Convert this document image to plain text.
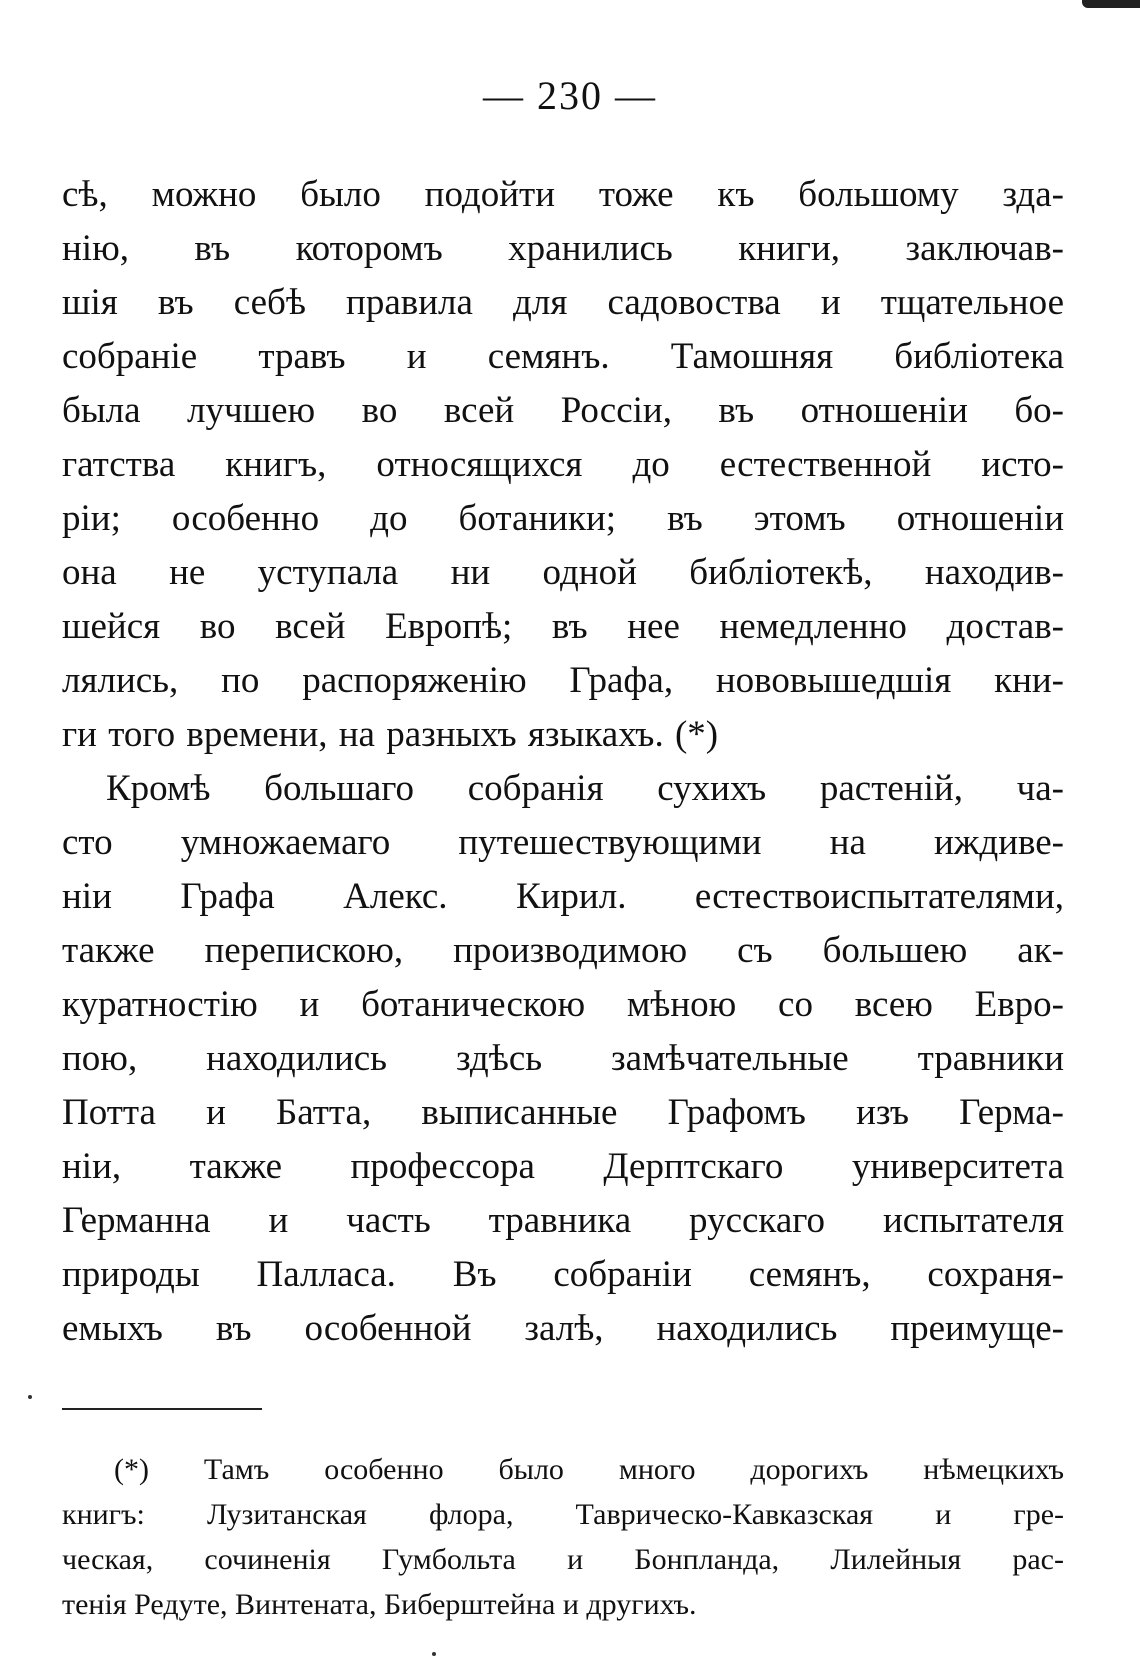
— 230 —
сѣ, можно было подойти тоже къ большому зда-
нію, въ которомъ хранились книги, заключав-
шія въ себѣ правила для садовоства и тщательное
собраніе травъ и семянъ. Тамошняя библіотека
была лучшею во всей Россіи, въ отношеніи бо-
гатства книгъ, относящихся до естественной исто-
ріи; особенно до ботаники; въ этомъ отношеніи
она не уступала ни одной библіотекѣ, находив-
шейся во всей Европѣ; въ нее немедленно достав-
лялись, по распоряженію Графа, нововышедшія кни-
ги того времени, на разныхъ языкахъ. (*)
Кромѣ большаго собранія сухихъ растеній, ча-
сто умножаемаго путешествующими на иждиве-
ніи Графа Алекс. Кирил. естествоиспытателями,
также перепискою, производимою съ большею ак-
куратностію и ботаническою мѣною со всею Евро-
пою, находились здѣсь замѣчательные травники
Потта и Батта, выписанные Графомъ изъ Герма-
ніи, также профессора Дерптскаго университета
Германна и часть травника русскаго испытателя
природы Палласа. Въ собраніи семянъ, сохраня-
емыхъ въ особенной залѣ, находились преимуще-
(*) Тамъ особенно было много дорогихъ нѣмецкихъ
книгъ: Лузитанская флора, Таврическо-Кавказская и гре-
ческая, сочиненія Гумбольта и Бонпланда, Лилейныя рас-
тенія Редуте, Винтената, Биберштейна и другихъ.
